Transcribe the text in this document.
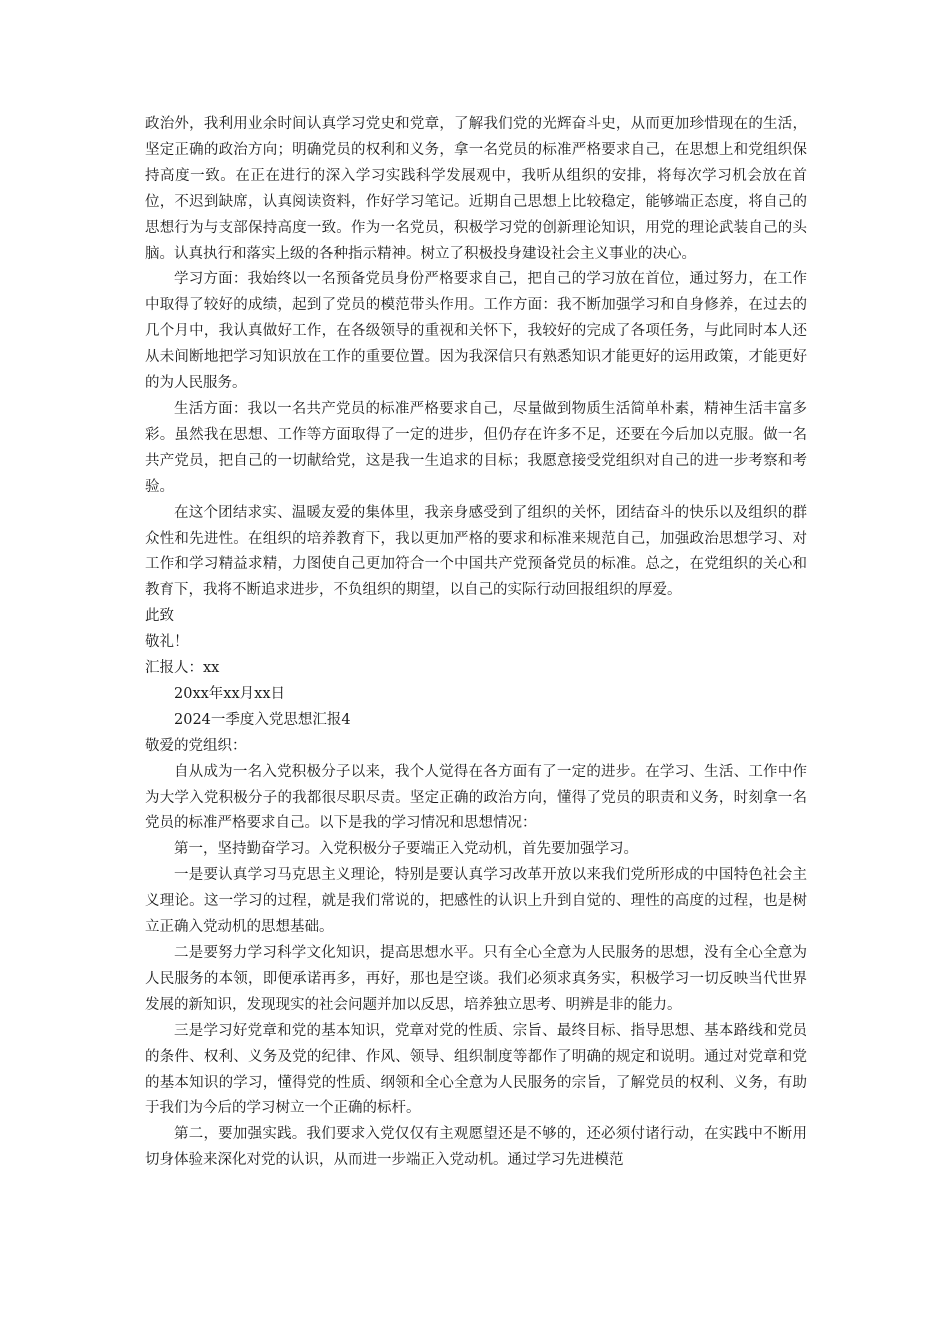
政治外，我利用业余时间认真学习党史和党章，了解我们党的光辉奋斗史，从而更加珍惜现在的生活，坚定正确的政治方向；明确党员的权利和义务，拿一名党员的标准严格要求自己，在思想上和党组织保持高度一致。在正在进行的深入学习实践科学发展观中，我听从组织的安排，将每次学习机会放在首位，不迟到缺席，认真阅读资料，作好学习笔记。近期自己思想上比较稳定，能够端正态度，将自己的思想行为与支部保持高度一致。作为一名党员，积极学习党的创新理论知识，用党的理论武装自己的头脑。认真执行和落实上级的各种指示精神。树立了积极投身建设社会主义事业的决心。

学习方面：我始终以一名预备党员身份严格要求自己，把自己的学习放在首位，通过努力，在工作中取得了较好的成绩，起到了党员的模范带头作用。工作方面：我不断加强学习和自身修养，在过去的几个月中，我认真做好工作，在各级领导的重视和关怀下，我较好的完成了各项任务，与此同时本人还从未间断地把学习知识放在工作的重要位置。因为我深信只有熟悉知识才能更好的运用政策，才能更好的为人民服务。

生活方面：我以一名共产党员的标准严格要求自己，尽量做到物质生活简单朴素，精神生活丰富多彩。虽然我在思想、工作等方面取得了一定的进步，但仍存在许多不足，还要在今后加以克服。做一名共产党员，把自己的一切献给党，这是我一生追求的目标；我愿意接受党组织对自己的进一步考察和考验。

在这个团结求实、温暖友爱的集体里，我亲身感受到了组织的关怀，团结奋斗的快乐以及组织的群众性和先进性。在组织的培养教育下，我以更加严格的要求和标准来规范自己，加强政治思想学习、对工作和学习精益求精，力图使自己更加符合一个中国共产党预备党员的标准。总之，在党组织的关心和教育下，我将不断追求进步，不负组织的期望，以自己的实际行动回报组织的厚爱。

此致

敬礼！

汇报人：xx

20xx年xx月xx日

2024一季度入党思想汇报4

敬爱的党组织：

自从成为一名入党积极分子以来，我个人觉得在各方面有了一定的进步。在学习、生活、工作中作为大学入党积极分子的我都很尽职尽责。坚定正确的政治方向，懂得了党员的职责和义务，时刻拿一名党员的标准严格要求自己。以下是我的学习情况和思想情况：

第一，坚持勤奋学习。入党积极分子要端正入党动机，首先要加强学习。

一是要认真学习马克思主义理论，特别是要认真学习改革开放以来我们党所形成的中国特色社会主义理论。这一学习的过程，就是我们常说的，把感性的认识上升到自觉的、理性的高度的过程，也是树立正确入党动机的思想基础。

二是要努力学习科学文化知识，提高思想水平。只有全心全意为人民服务的思想，没有全心全意为人民服务的本领，即便承诺再多，再好，那也是空谈。我们必须求真务实，积极学习一切反映当代世界发展的新知识，发现现实的社会问题并加以反思，培养独立思考、明辨是非的能力。

三是学习好党章和党的基本知识，党章对党的性质、宗旨、最终目标、指导思想、基本路线和党员的条件、权利、义务及党的纪律、作风、领导、组织制度等都作了明确的规定和说明。通过对党章和党的基本知识的学习，懂得党的性质、纲领和全心全意为人民服务的宗旨，了解党员的权利、义务，有助于我们为今后的学习树立一个正确的标杆。

第二，要加强实践。我们要求入党仅仅有主观愿望还是不够的，还必须付诸行动，在实践中不断用切身体验来深化对党的认识，从而进一步端正入党动机。通过学习先进模范
